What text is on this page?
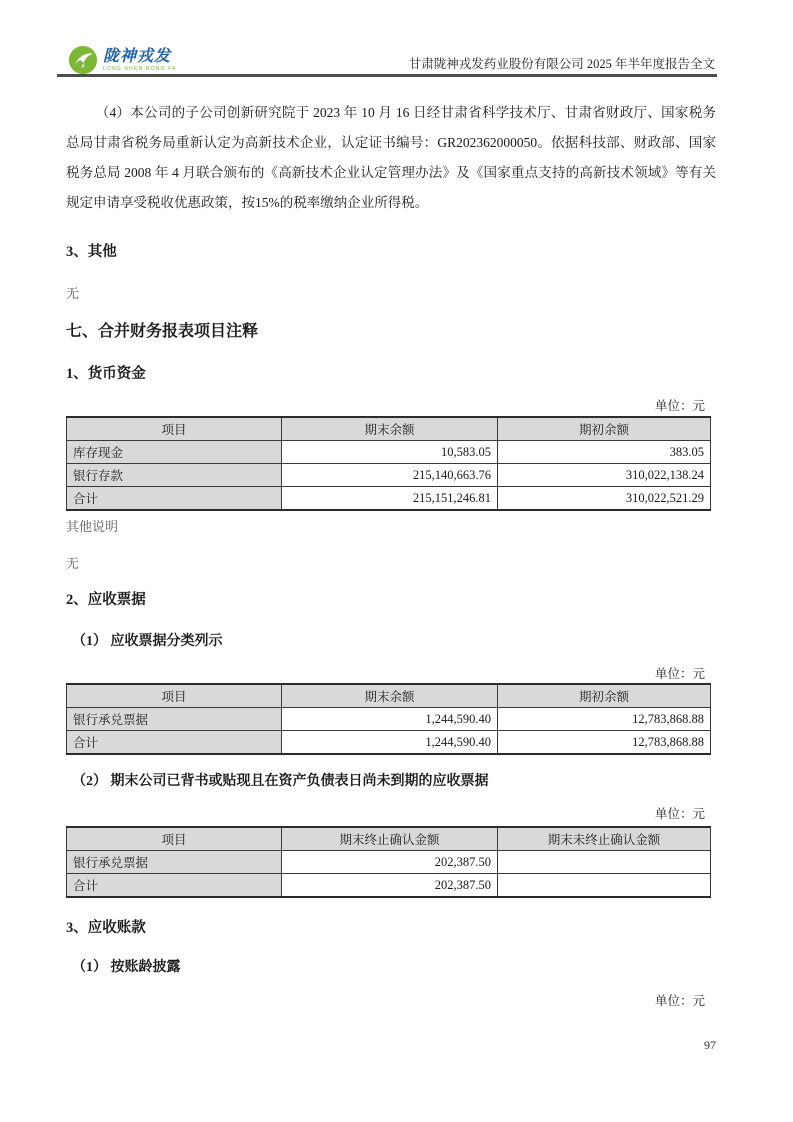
陇神戎发
LONG SHEN RONG FA	甘肃陇神戎发药业股份有限公司 2025 年半年度报告全文
（4）本公司的子公司创新研究院于 2023 年 10 月 16 日经甘肃省科学技术厅、甘肃省财政厅、国家税务总局甘肃省税务局重新认定为高新技术企业，认定证书编号：GR202362000050。依据科技部、财政部、国家税务总局 2008 年 4 月联合颁布的《高新技术企业认定管理办法》及《国家重点支持的高新技术领域》等有关规定申请享受税收优惠政策，按15%的税率缴纳企业所得税。
3、其他
无
七、合并财务报表项目注释
1、货币资金
单位：元
项目	期末余额	期初余额
库存现金	10,583.05	383.05
银行存款	215,140,663.76	310,022,138.24
合计	215,151,246.81	310,022,521.29
其他说明
无
2、应收票据
（1） 应收票据分类列示
单位：元
项目	期末余额	期初余额
银行承兑票据	1,244,590.40	12,783,868.88
合计	1,244,590.40	12,783,868.88
（2） 期末公司已背书或贴现且在资产负债表日尚未到期的应收票据
单位：元
项目	期末终止确认金额	期末未终止确认金额
银行承兑票据	202,387.50	
合计	202,387.50	
3、应收账款
（1） 按账龄披露
单位：元
97
